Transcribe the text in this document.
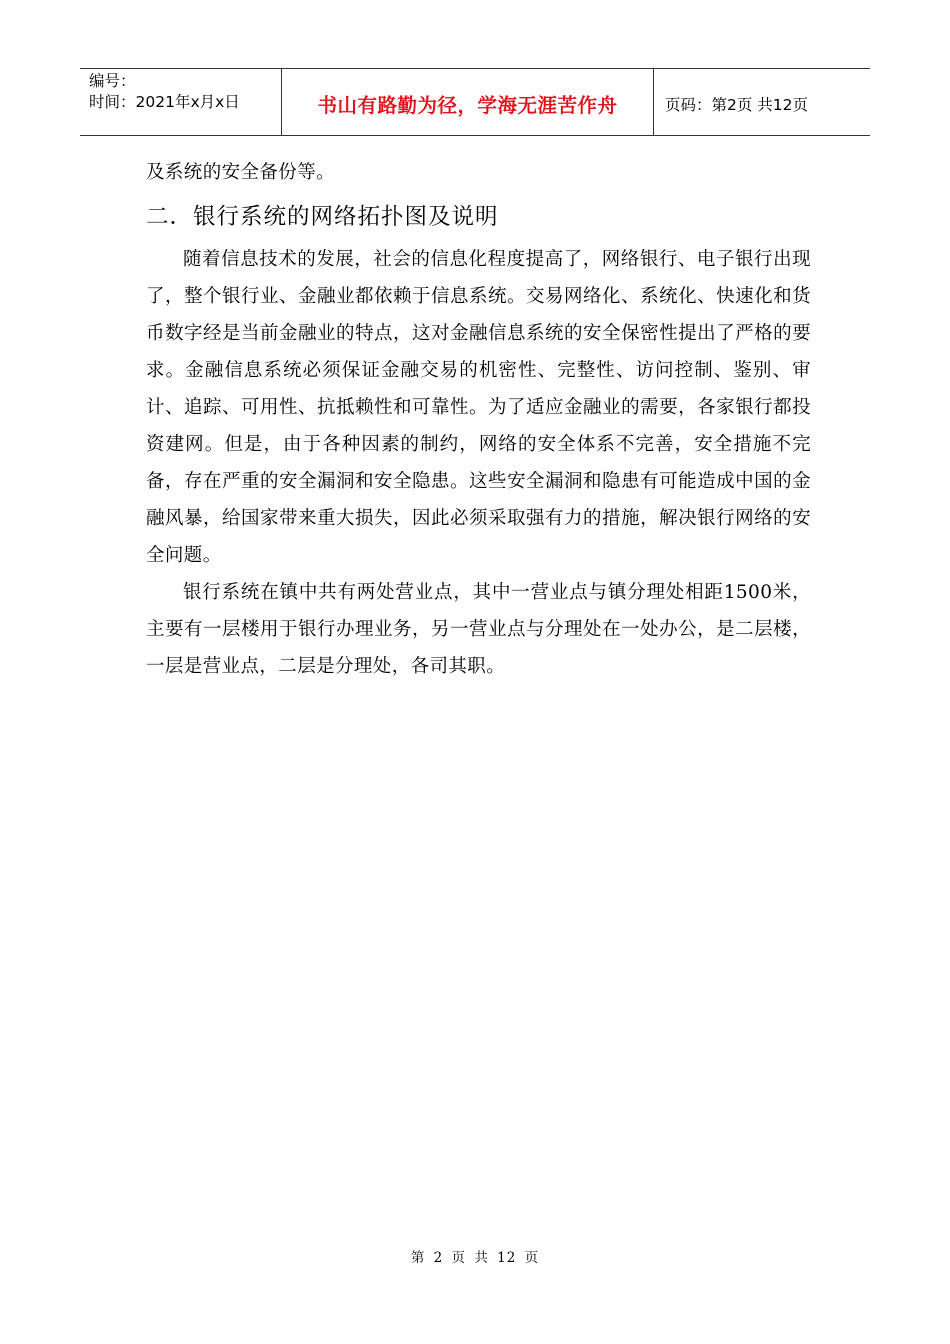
编号：
时间：2021年x月x日	书山有路勤为径，学海无涯苦作舟	页码：第2页 共12页

及系统的安全备份等。

二．银行系统的网络拓扑图及说明

随着信息技术的发展，社会的信息化程度提高了，网络银行、电子银行出现了，整个银行业、金融业都依赖于信息系统。交易网络化、系统化、快速化和货币数字经是当前金融业的特点，这对金融信息系统的安全保密性提出了严格的要求。金融信息系统必须保证金融交易的机密性、完整性、访问控制、鉴别、审计、追踪、可用性、抗抵赖性和可靠性。为了适应金融业的需要，各家银行都投资建网。但是，由于各种因素的制约，网络的安全体系不完善，安全措施不完备，存在严重的安全漏洞和安全隐患。这些安全漏洞和隐患有可能造成中国的金融风暴，给国家带来重大损失，因此必须采取强有力的措施，解决银行网络的安全问题。

银行系统在镇中共有两处营业点，其中一营业点与镇分理处相距1500米，主要有一层楼用于银行办理业务，另一营业点与分理处在一处办公，是二层楼，一层是营业点，二层是分理处，各司其职。

第 2 页 共 12 页
